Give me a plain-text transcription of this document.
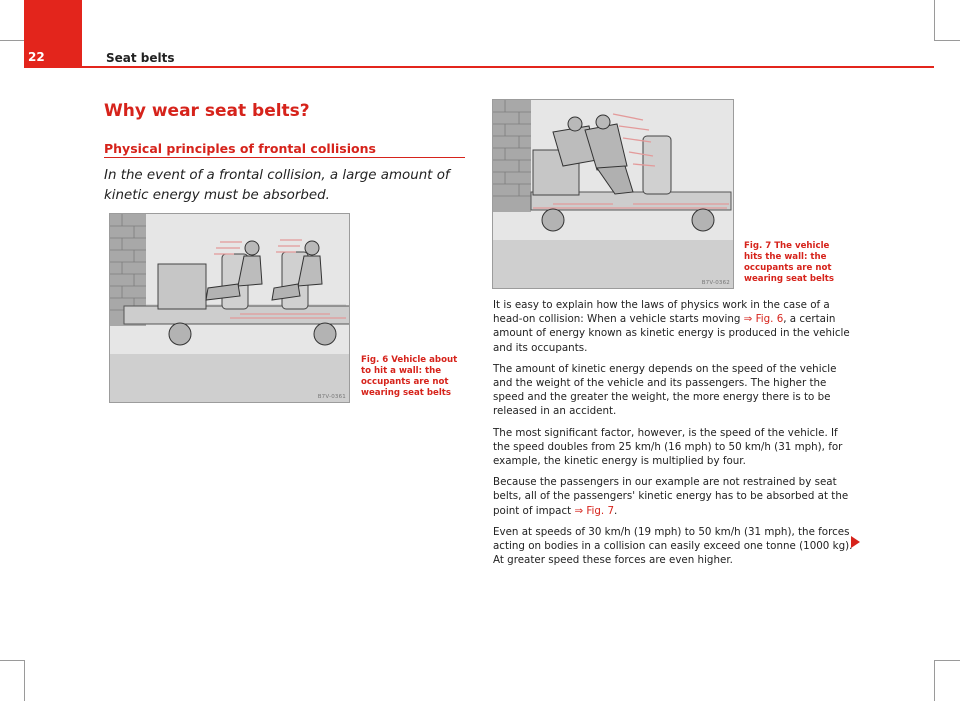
22	Seat belts
Why wear seat belts?
Physical principles of frontal collisions

In the event of a frontal collision, a large amount of kinetic energy must be absorbed.

B7V-0361

Fig. 6 Vehicle about to hit a wall: the occupants are not wearing seat belts

B7V-0362

Fig. 7 The vehicle hits the wall: the occupants are not wearing seat belts

It is easy to explain how the laws of physics work in the case of a head-on collision: When a vehicle starts moving ⇒ Fig. 6, a certain amount of energy known as kinetic energy is produced in the vehicle and its occupants.

The amount of kinetic energy depends on the speed of the vehicle and the weight of the vehicle and its passengers. The higher the speed and the greater the weight, the more energy there is to be released in an accident.

The most significant factor, however, is the speed of the vehicle. If the speed doubles from 25 km/h (16 mph) to 50 km/h (31 mph), for example, the kinetic energy is multiplied by four.

Because the passengers in our example are not restrained by seat belts, all of the passengers' kinetic energy has to be absorbed at the point of impact ⇒ Fig. 7.

Even at speeds of 30 km/h (19 mph) to 50 km/h (31 mph), the forces acting on bodies in a collision can easily exceed one tonne (1000 kg). At greater speed these forces are even higher.
